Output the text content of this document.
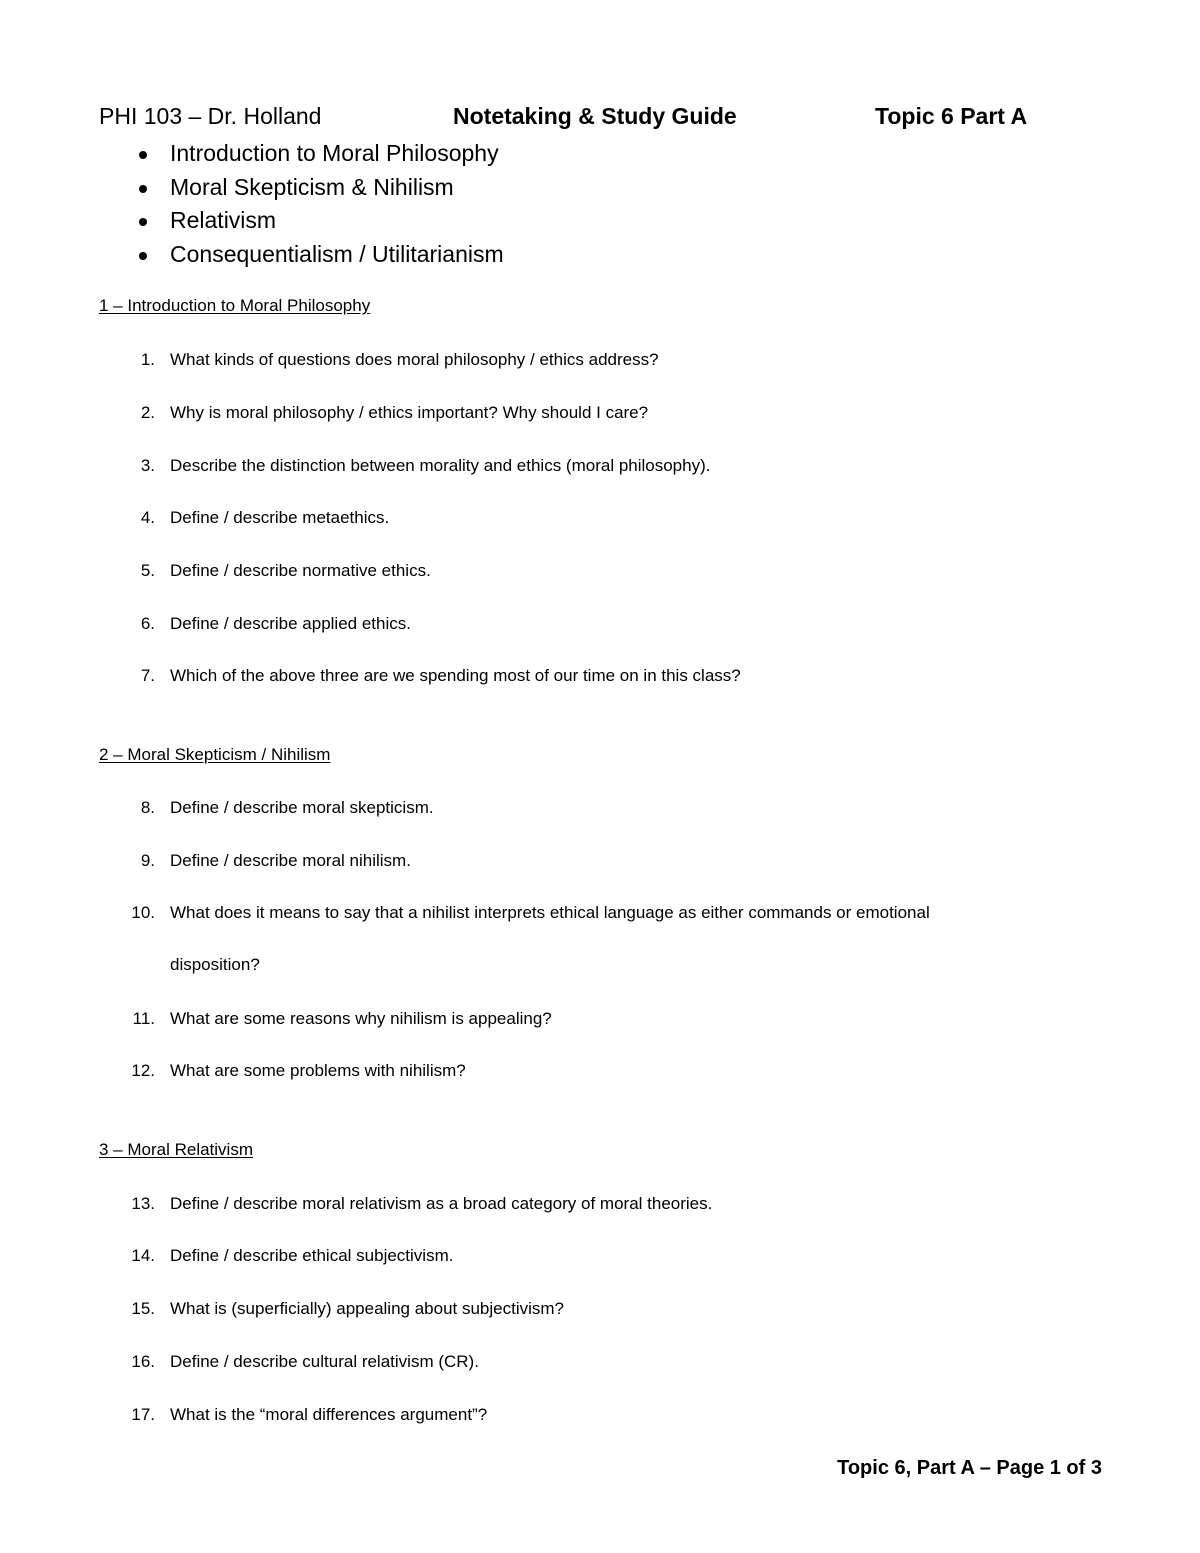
PHI 103 – Dr. Holland	Notetaking & Study Guide	Topic 6 Part A
Introduction to Moral Philosophy
Moral Skepticism & Nihilism
Relativism
Consequentialism / Utilitarianism
1 – Introduction to Moral Philosophy
1. What kinds of questions does moral philosophy / ethics address?
2. Why is moral philosophy / ethics important? Why should I care?
3. Describe the distinction between morality and ethics (moral philosophy).
4. Define / describe metaethics.
5. Define / describe normative ethics.
6. Define / describe applied ethics.
7. Which of the above three are we spending most of our time on in this class?
2 – Moral Skepticism / Nihilism
8. Define / describe moral skepticism.
9. Define / describe moral nihilism.
10. What does it means to say that a nihilist interprets ethical language as either commands or emotional
disposition?
11. What are some reasons why nihilism is appealing?
12. What are some problems with nihilism?
3 – Moral Relativism
13. Define / describe moral relativism as a broad category of moral theories.
14. Define / describe ethical subjectivism.
15. What is (superficially) appealing about subjectivism?
16. Define / describe cultural relativism (CR).
17. What is the “moral differences argument”?
Topic 6, Part A – Page 1 of 3
